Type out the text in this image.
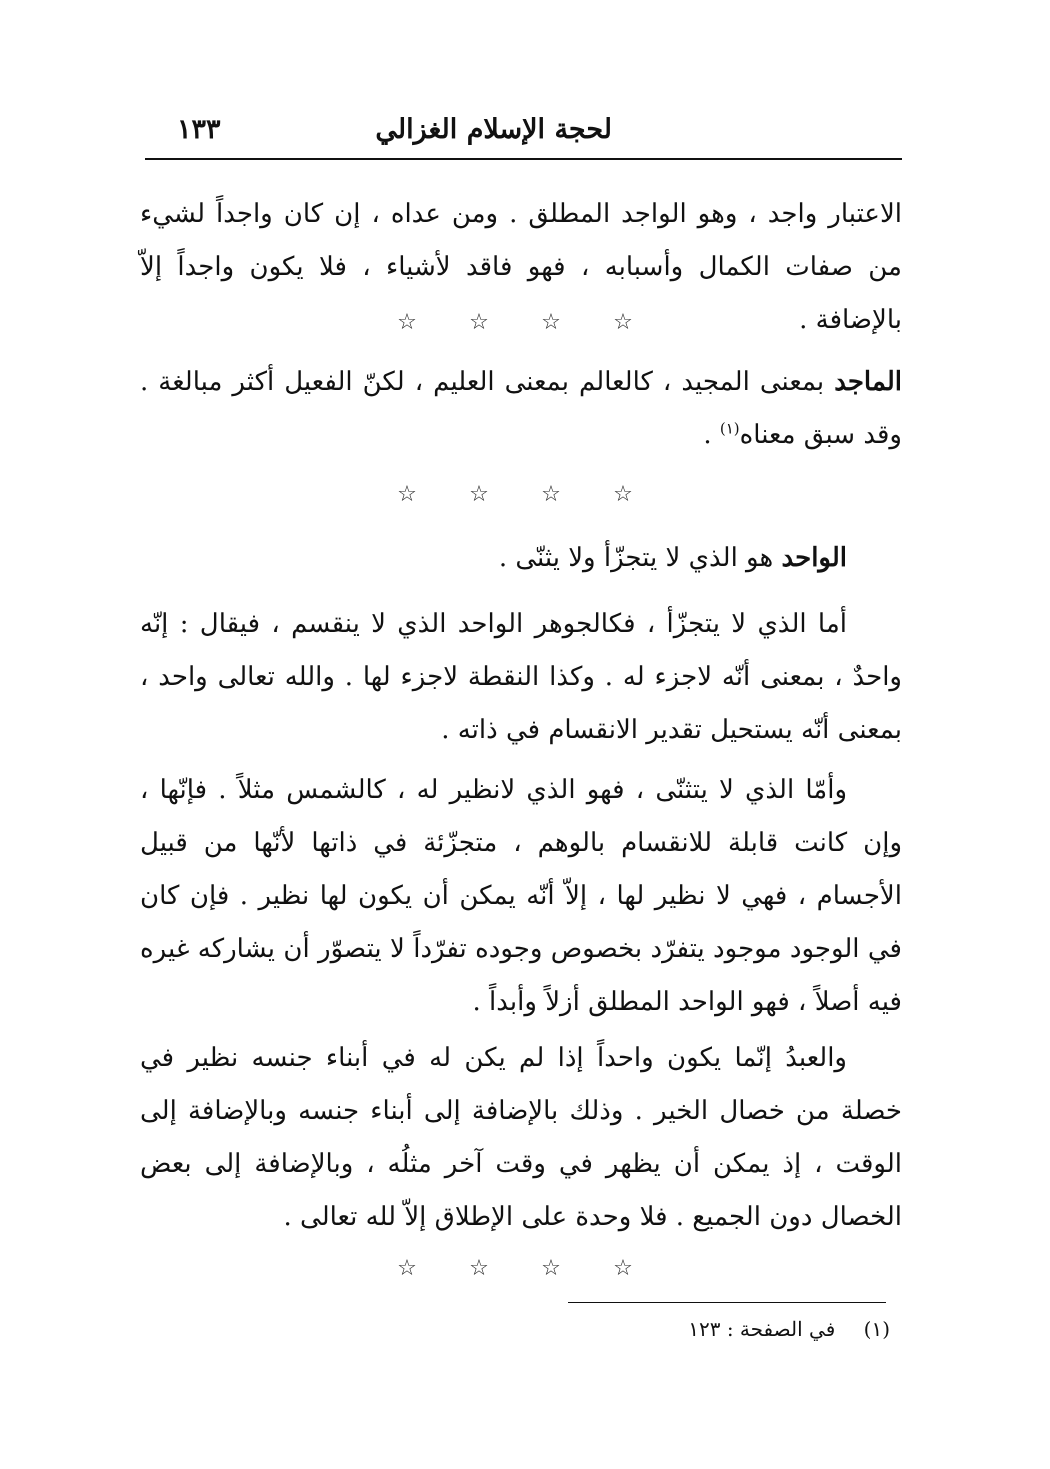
لحجة الإسلام الغزالي
١٣٣
الاعتبار واجد ، وهو الواجد المطلق . ومن عداه ، إن كان واجداً لشيء من صفات الكمال وأسبابه ، فهو فاقد لأشياء ، فلا يكون واجداً إلاّ بالإضافة .
☆
☆
☆
☆
الماجد بمعنى المجيد ، كالعالم بمعنى العليم ، لكنّ الفعيل أكثر مبالغة . وقد سبق معناه$^{(١)}$ .
☆
☆
☆
☆
الواحد هو الذي لا يتجزّأ ولا يثنّى .
أما الذي لا يتجزّأ ، فكالجوهر الواحد الذي لا ينقسم ، فيقال : إنّه واحدٌ ، بمعنى أنّه لاجزء له . وكذا النقطة لاجزء لها . والله تعالى واحد ، بمعنى أنّه يستحيل تقدير الانقسام في ذاته .
وأمّا الذي لا يتثنّى ، فهو الذي لانظير له ، كالشمس مثلاً . فإنّها ، وإن كانت قابلة للانقسام بالوهم ، متجزّئة في ذاتها لأنّها من قبيل الأجسام ، فهي لا نظير لها ، إلاّ أنّه يمكن أن يكون لها نظير . فإن كان في الوجود موجود يتفرّد بخصوص وجوده تفرّداً لا يتصوّر أن يشاركه غيره فيه أصلاً ، فهو الواحد المطلق أزلاً وأبداً .
والعبدُ إنّما يكون واحداً إذا لم يكن له في أبناء جنسه نظير في خصلة من خصال الخير . وذلك بالإضافة إلى أبناء جنسه وبالإضافة إلى الوقت ، إذ يمكن أن يظهر في وقت آخر مثلُه ، وبالإضافة إلى بعض الخصال دون الجميع . فلا وحدة على الإطلاق إلاّ لله تعالى .
☆
☆
☆
☆
(١) في الصفحة : ١٢٣
